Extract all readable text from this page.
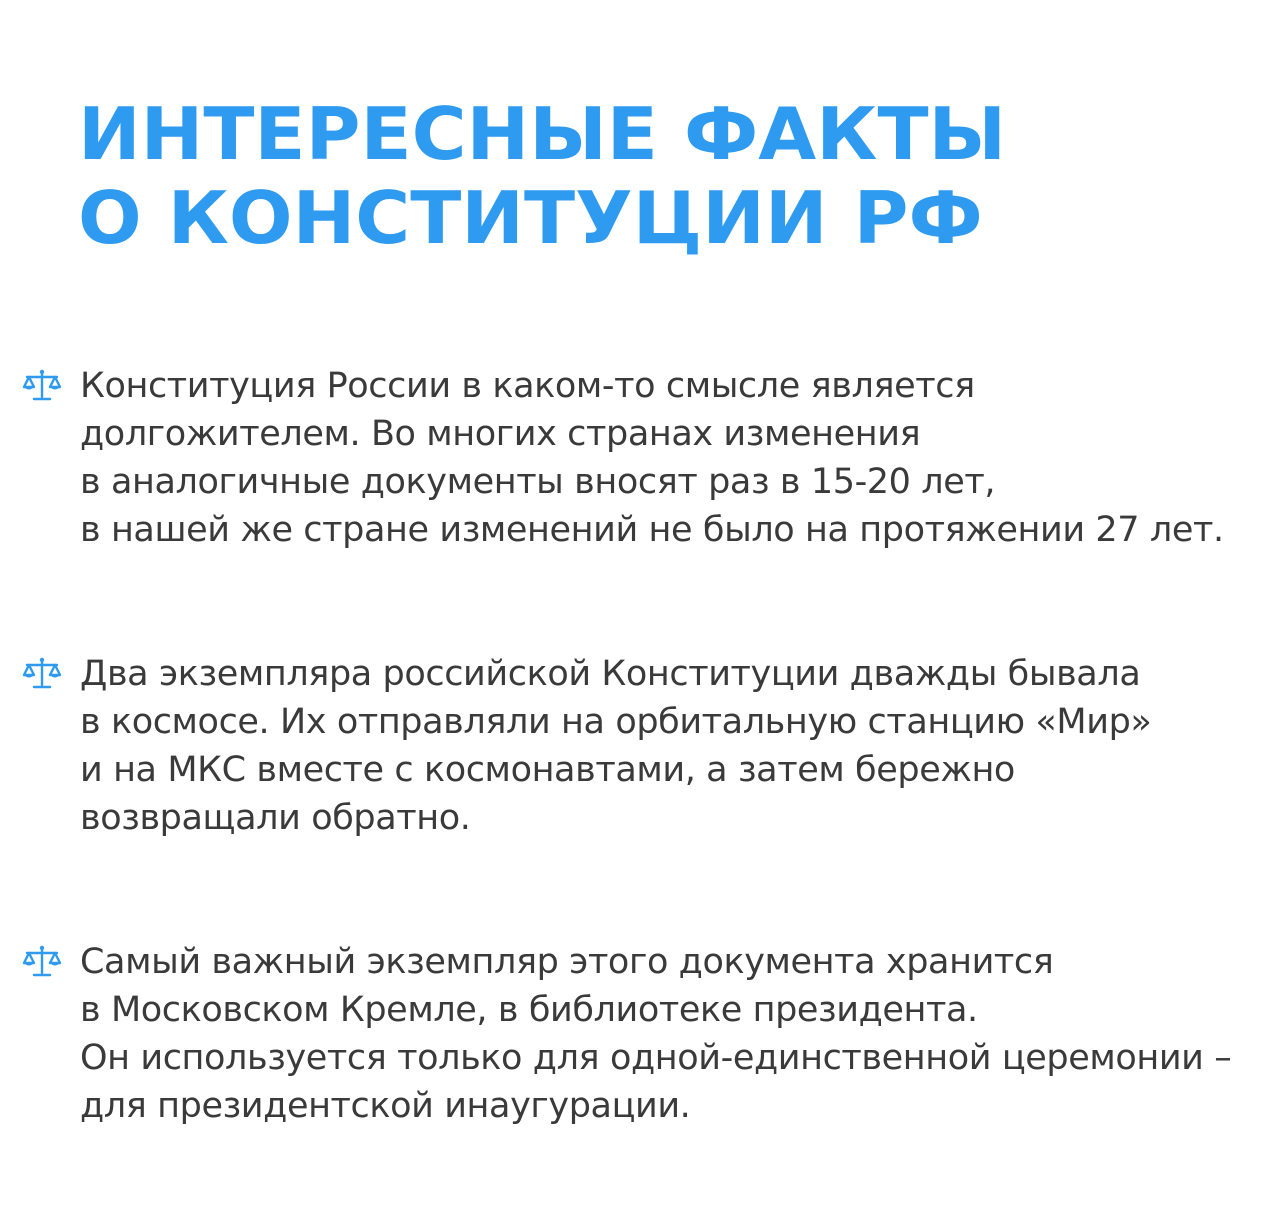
ИНТЕРЕСНЫЕ ФАКТЫ
О КОНСТИТУЦИИ РФ
Конституция России в каком-то смысле является
долгожителем. Во многих странах изменения
в аналогичные документы вносят раз в 15-20 лет,
в нашей же стране изменений не было на протяжении 27 лет.
Два экземпляра российской Конституции дважды бывала
в космосе. Их отправляли на орбитальную станцию «Мир»
и на МКС вместе с космонавтами, а затем бережно
возвращали обратно.
Самый важный экземпляр этого документа хранится
в Московском Кремле, в библиотеке президента.
Он используется только для одной-единственной церемонии –
для президентской инаугурации.
